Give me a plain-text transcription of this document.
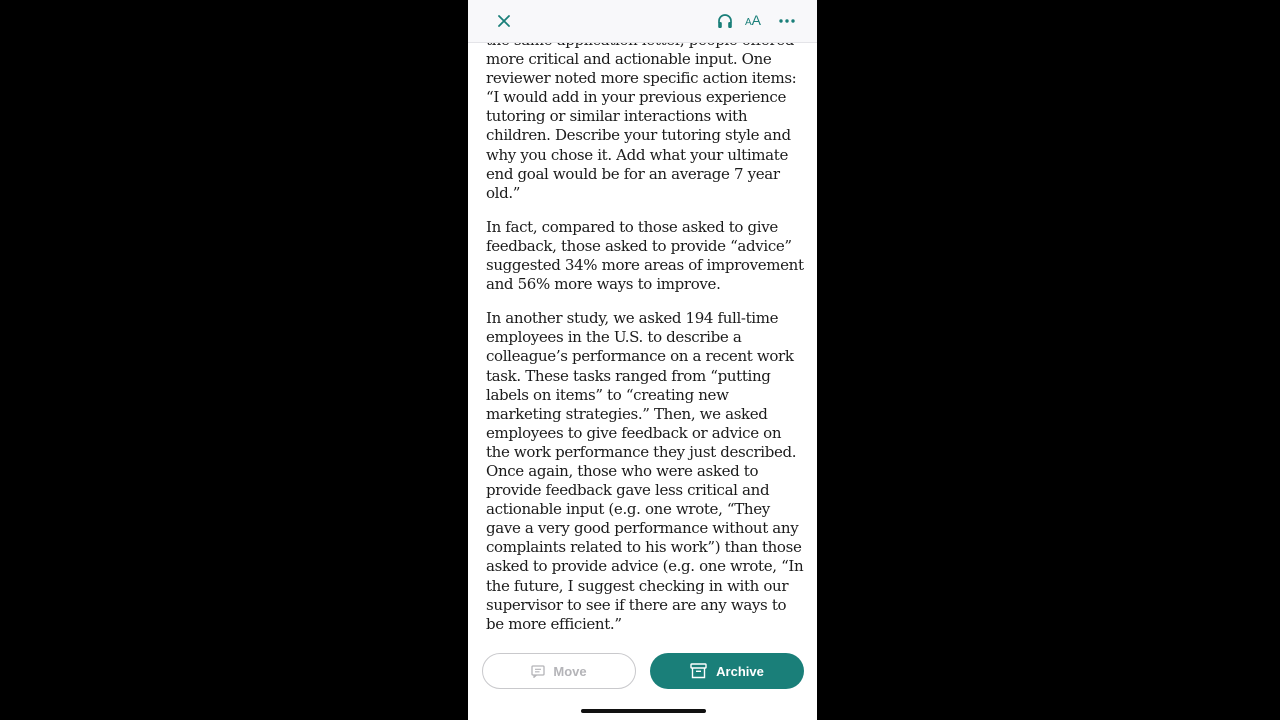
AA

more critical and actionable input. One reviewer noted more specific action items: “I would add in your previous experience tutoring or similar interactions with children. Describe your tutoring style and why you chose it. Add what your ultimate end goal would be for an average 7 year old.”

In fact, compared to those asked to give feedback, those asked to provide “advice” suggested 34% more areas of improvement and 56% more ways to improve.

In another study, we asked 194 full-time employees in the U.S. to describe a colleague’s performance on a recent work task. These tasks ranged from “putting labels on items” to “creating new marketing strategies.” Then, we asked employees to give feedback or advice on the work performance they just described. Once again, those who were asked to provide feedback gave less critical and actionable input (e.g. one wrote, “They gave a very good performance without any complaints related to his work”) than those asked to provide advice (e.g. one wrote, “In the future, I suggest checking in with our supervisor to see if there are any ways to be more efficient.”

Move	Archive
